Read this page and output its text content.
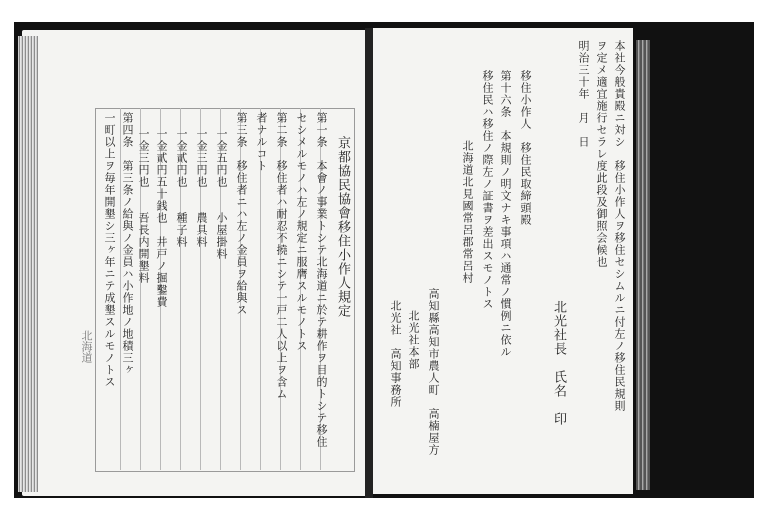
京都協民協會移住小作人規定
第一条　本會ノ事業トシテ北海道ニ於テ耕作ヲ目的トシテ移住
セシメルモノハ左ノ規定ニ服膺スルモノトス
第二条　移住者ハ耐忍不撓ニシテ一戸二人以上ヲ含ム
者ナルコト
第三条　移住者ニハ左ノ金員ヲ給與ス
一金五円也　　小屋掛料
一金三円也　　農具料
一金貳円也　　種子料
一金貳円五十銭也　井戸ノ掘鑿費
一金三円也　　吾長内開墾料
第四条　第三条ノ給與ノ金員ハ小作地ノ地積三ヶ
一町以上ヲ毎年開墾シ三ヶ年ニテ成墾スルモノトス
北海道	本社今般貴殿ニ対シ　移住小作人ヲ移住セシムルニ付左ノ移住民規則
ヲ定メ適宜施行セラレ度此段及御照会候也
明治三十年　月　日
北光社長　氏名　印
移住小作人　移住民取締頭殿
第十六条　本規則ノ明文ナキ事項ハ通常ノ慣例ニ依ル
移住民ハ移住ノ際左ノ証書ヲ差出スモノトス
北海道北見國常呂郡常呂村
高知縣高知市農人町　高楠屋方
北光社本部
北光社　高知事務所
